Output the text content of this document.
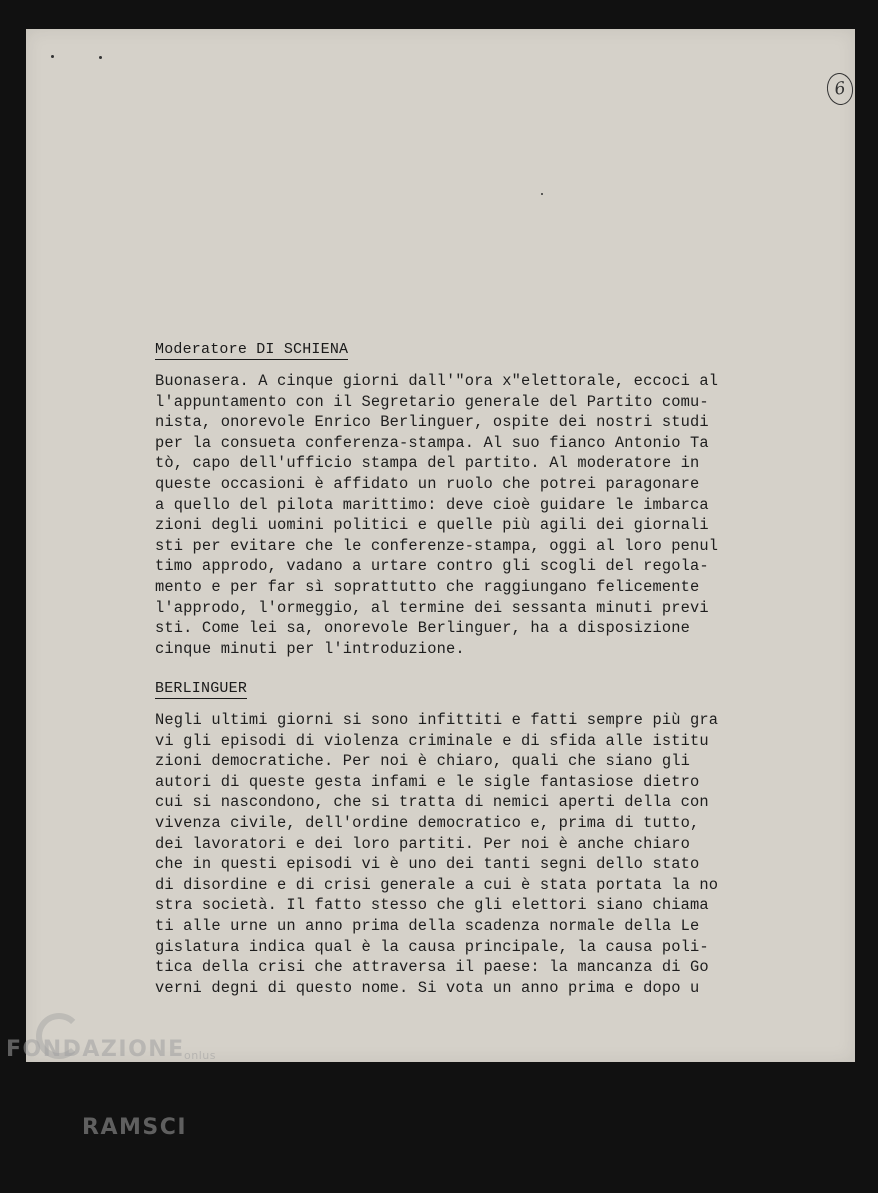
6
Moderatore DI SCHIENA
Buonasera. A cinque giorni dall'"ora x"elettorale, eccoci al
l'appuntamento con il Segretario generale del Partito comu-
nista, onorevole Enrico Berlinguer, ospite dei nostri studi
per la consueta conferenza-stampa. Al suo fianco Antonio Ta
tò, capo dell'ufficio stampa del partito. Al moderatore in
queste occasioni è affidato un ruolo che potrei paragonare
a quello del pilota marittimo: deve cioè guidare le imbarca
zioni degli uomini politici e quelle più agili dei giornali
sti per evitare che le conferenze-stampa, oggi al loro penul
timo approdo, vadano a urtare contro gli scogli del regola-
mento e per far sì soprattutto che raggiungano felicemente
l'approdo, l'ormeggio, al termine dei sessanta minuti previ
sti. Come lei sa, onorevole Berlinguer, ha a disposizione
cinque minuti per l'introduzione.
BERLINGUER
Negli ultimi giorni si sono infittiti e fatti sempre più gra
vi gli episodi di violenza criminale e di sfida alle istitu
zioni democratiche. Per noi è chiaro, quali che siano gli
autori di queste gesta infami e le sigle fantasiose dietro
cui si nascondono, che si tratta di nemici aperti della con
vivenza civile, dell'ordine democratico e, prima di tutto,
dei lavoratori e dei loro partiti. Per noi è anche chiaro
che in questi episodi vi è uno dei tanti segni dello stato
di disordine e di crisi generale a cui è stata portata la no
stra società. Il fatto stesso che gli elettori siano chiama
ti alle urne un anno prima della scadenza normale della Le
gislatura indica qual è la causa principale, la causa poli-
tica della crisi che attraversa il paese: la mancanza di Go
verni degni di questo nome. Si vota un anno prima e dopo u

FONDAZIONE

RAMSCI

onlus
